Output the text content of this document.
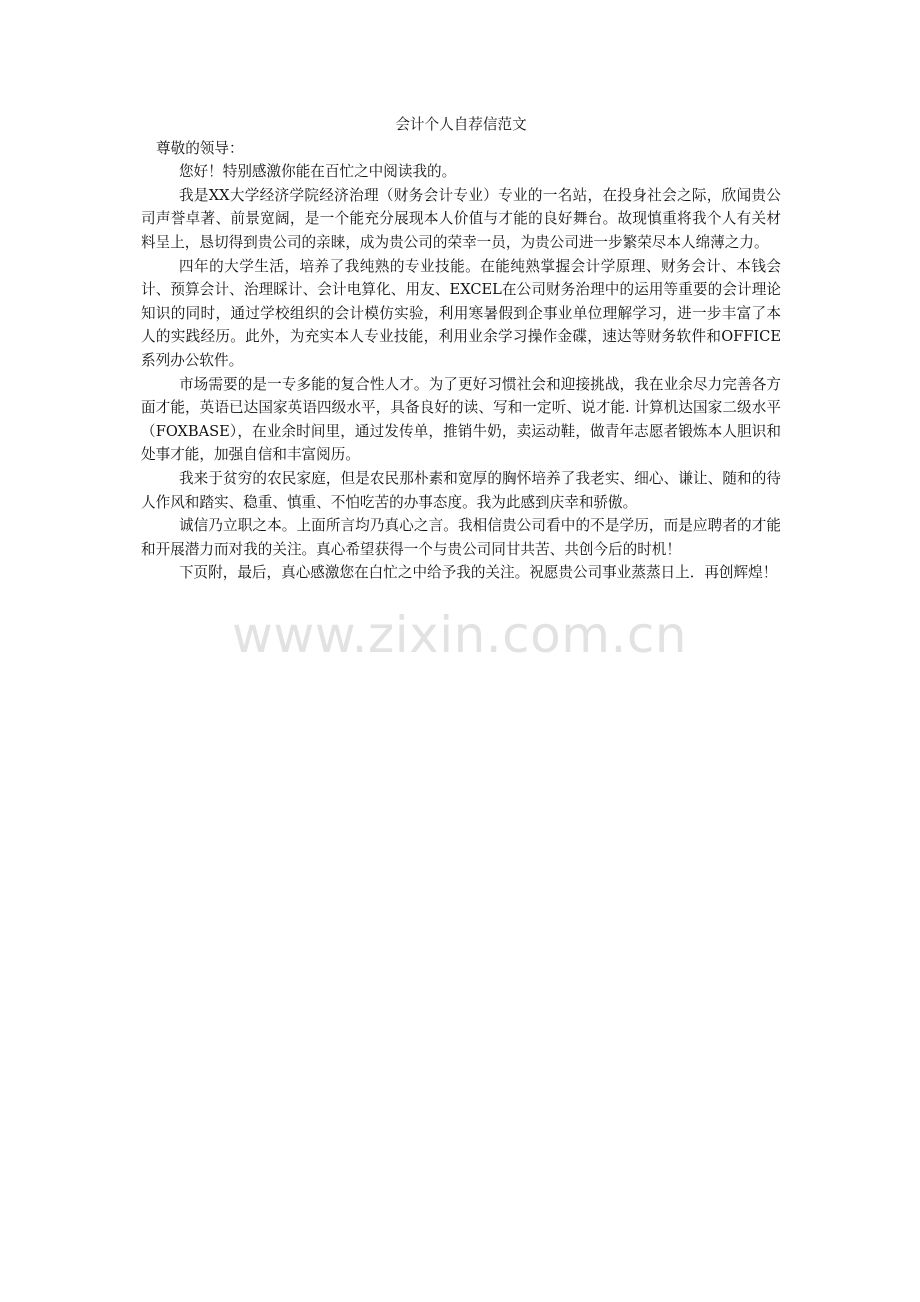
会计个人自荐信范文

尊敬的领导：

您好！特别感激你能在百忙之中阅读我的。

我是XX大学经济学院经济治理（财务会计专业）专业的一名站，在投身社会之际，欣闻贵公司声誉卓著、前景宽阔，是一个能充分展现本人价值与才能的良好舞台。故现慎重将我个人有关材料呈上，恳切得到贵公司的亲睐，成为贵公司的荣幸一员，为贵公司进一步繁荣尽本人绵薄之力。

四年的大学生活，培养了我纯熟的专业技能。在能纯熟掌握会计学原理、财务会计、本钱会计、预算会计、治理睬计、会计电算化、用友、EXCEL在公司财务治理中的运用等重要的会计理论知识的同时，通过学校组织的会计模仿实验，利用寒暑假到企事业单位理解学习，进一步丰富了本人的实践经历。此外，为充实本人专业技能，利用业余学习操作金碟，速达等财务软件和OFFICE系列办公软件。

市场需要的是一专多能的复合性人才。为了更好习惯社会和迎接挑战，我在业余尽力完善各方面才能，英语已达国家英语四级水平，具备良好的读、写和一定听、说才能. 计算机达国家二级水平（FOXBASE），在业余时间里，通过发传单，推销牛奶，卖运动鞋，做青年志愿者锻炼本人胆识和处事才能，加强自信和丰富阅历。

我来于贫穷的农民家庭，但是农民那朴素和宽厚的胸怀培养了我老实、细心、谦让、随和的待人作风和踏实、稳重、慎重、不怕吃苦的办事态度。我为此感到庆幸和骄傲。

诚信乃立职之本。上面所言均乃真心之言。我相信贵公司看中的不是学历，而是应聘者的才能和开展潜力而对我的关注。真心希望获得一个与贵公司同甘共苦、共创今后的时机！

下页附，最后，真心感激您在白忙之中给予我的关注。祝愿贵公司事业蒸蒸日上．再创辉煌！

www.zixin.com.cn
